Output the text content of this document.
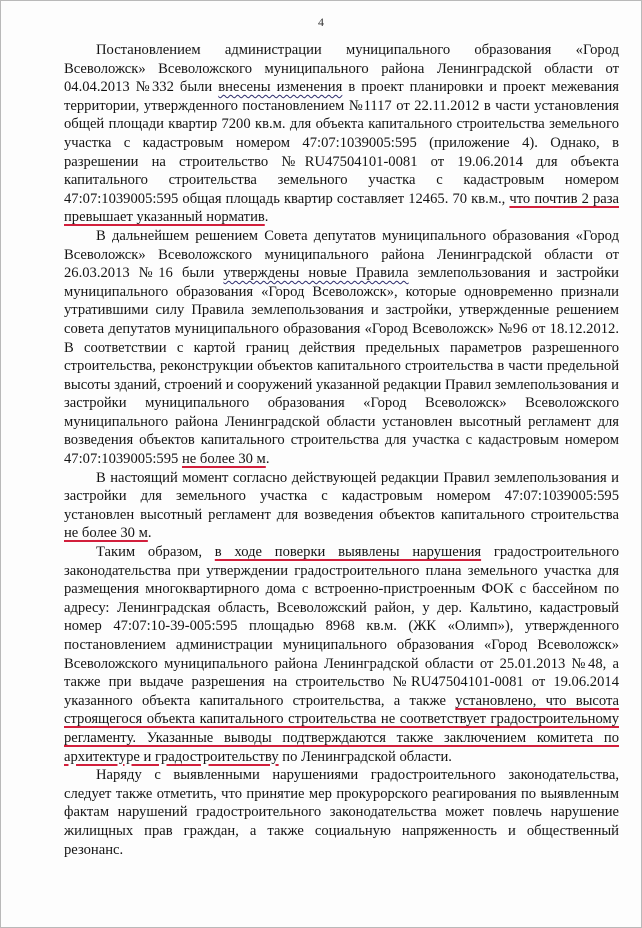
4

Постановлением администрации муниципального образования «Город Всеволожск» Всеволожского муниципального района Ленинградской области от 04.04.2013 №332 были внесены изменения в проект планировки и проект межевания территории, утвержденного постановлением №1117 от 22.11.2012 в части установления общей площади квартир 7200 кв.м. для объекта капитального строительства земельного участка с кадастровым номером 47:07:1039005:595 (приложение 4). Однако, в разрешении на строительство №RU47504101-0081 от 19.06.2014 для объекта капитального строительства земельного участка с кадастровым номером 47:07:1039005:595 общая площадь квартир составляет 12465. 70 кв.м., что почтив 2 раза превышает указанный норматив.

В дальнейшем решением Совета депутатов муниципального образования «Город Всеволожск» Всеволожского муниципального района Ленинградской области от 26.03.2013 №16 были утверждены новые Правила землепользования и застройки муниципального образования «Город Всеволожск», которые одновременно признали утратившими силу Правила землепользования и застройки, утвержденные решением совета депутатов муниципального образования «Город Всеволожск» №96 от 18.12.2012. В соответствии с картой границ действия предельных параметров разрешенного строительства, реконструкции объектов капитального строительства в части предельной высоты зданий, строений и сооружений указанной редакции Правил землепользования и застройки муниципального образования «Город Всеволожск» Всеволожского муниципального района Ленинградской области установлен высотный регламент для возведения объектов капитального строительства для участка с кадастровым номером 47:07:1039005:595 не более 30 м.

В настоящий момент согласно действующей редакции Правил землепользования и застройки для земельного участка с кадастровым номером 47:07:1039005:595 установлен высотный регламент для возведения объектов капитального строительства не более 30 м.

Таким образом, в ходе поверки выявлены нарушения градостроительного законодательства при утверждении градостроительного плана земельного участка для размещения многоквартирного дома с встроенно-пристроенным ФОК с бассейном по адресу: Ленинградская область, Всеволожский район, у дер. Кальтино, кадастровый номер 47:07:10-39-005:595 площадью 8968 кв.м. (ЖК «Олимп»), утвержденного постановлением администрации муниципального образования «Город Всеволожск» Всеволожского муниципального района Ленинградской области от 25.01.2013 №48, а также при выдаче разрешения на строительство №RU47504101-0081 от 19.06.2014 указанного объекта капитального строительства, а также установлено, что высота строящегося объекта капитального строительства не соответствует градостроительному регламенту. Указанные выводы подтверждаются также заключением комитета по архитектуре и градостроительству по Ленинградской области.

Наряду с выявленными нарушениями градостроительного законодательства, следует также отметить, что принятие мер прокурорского реагирования по выявленным фактам нарушений градостроительного законодательства может повлечь нарушение жилищных прав граждан, а также социальную напряженность и общественный резонанс.
